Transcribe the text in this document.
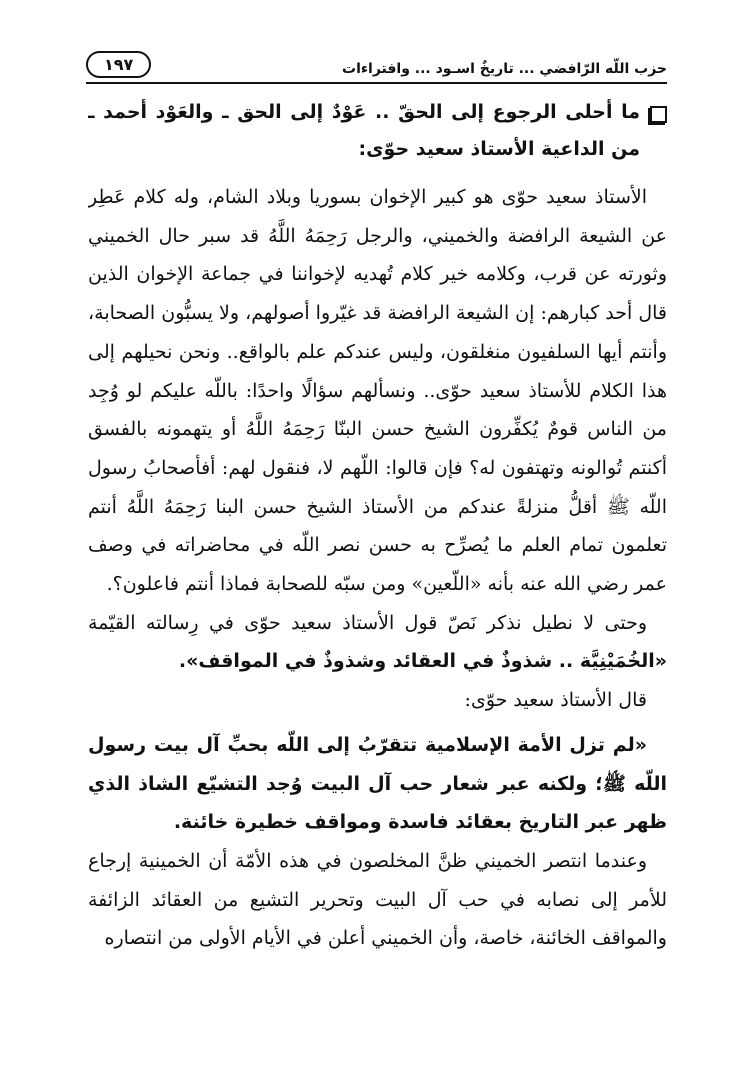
حزب اللّه الرّافضي ... تاريخٌ اسـود ... وافتراءات
١٩٧
ما أحلى الرجوع إلى الحقّ .. عَوْدٌ إلى الحق ـ والعَوْد أحمد ـ من الداعية الأستاذ سعيد حوّى:

الأستاذ سعيد حوّى هو كبير الإخوان بسوريا وبلاد الشام، وله كلام عَطِر عن الشيعة الرافضة والخميني، والرجل رَحِمَهُ اللَّهُ قد سبر حال الخميني وثورته عن قرب، وكلامه خير كلام تُهديه لإخواننا في جماعة الإخوان الذين قال أحد كبارهم: إن الشيعة الرافضة قد غيّروا أصولهم، ولا يسبُّون الصحابة، وأنتم أيها السلفيون منغلقون، وليس عندكم علم بالواقع.. ونحن نحيلهم إلى هذا الكلام للأستاذ سعيد حوّى.. ونسألهم سؤالًا واحدًا: باللّه عليكم لو وُجِد من الناس قومٌ يُكفِّرون الشيخ حسن البنّا رَحِمَهُ اللَّهُ أو يتهمونه بالفسق أكنتم تُوالونه وتهتفون له؟ فإن قالوا: اللّهم لا، فنقول لهم: أفأصحابُ رسول اللّه ﷺ أقلُّ منزلةً عندكم من الأستاذ الشيخ حسن البنا رَحِمَهُ اللَّهُ أنتم تعلمون تمام العلم ما يُصرِّح به حسن نصر اللّه في محاضراته في وصف عمر رضي الله عنه بأنه «اللّعين» ومن سبّه للصحابة فماذا أنتم فاعلون؟.

وحتى لا نطيل نذكر نَصّ قول الأستاذ سعيد حوّى في رِسالته القيّمة «الخُمَيْنِيَّة .. شذوذٌ في العقائد وشذوذٌ في المواقف».

قال الأستاذ سعيد حوّى:

«لم تزل الأمة الإسلامية تتقرّبُ إلى اللّه بحبِّ آل بيت رسول اللّه ﷺ؛ ولكنه عبر شعار حب آل البيت وُجد التشيّع الشاذ الذي ظهر عبر التاريخ بعقائد فاسدة ومواقف خطيرة خائنة.

وعندما انتصر الخميني ظنَّ المخلصون في هذه الأمّة أن الخمينية إرجاع للأمر إلى نصابه في حب آل البيت وتحرير التشيع من العقائد الزائفة والمواقف الخائنة، خاصة، وأن الخميني أعلن في الأيام الأولى من انتصاره
